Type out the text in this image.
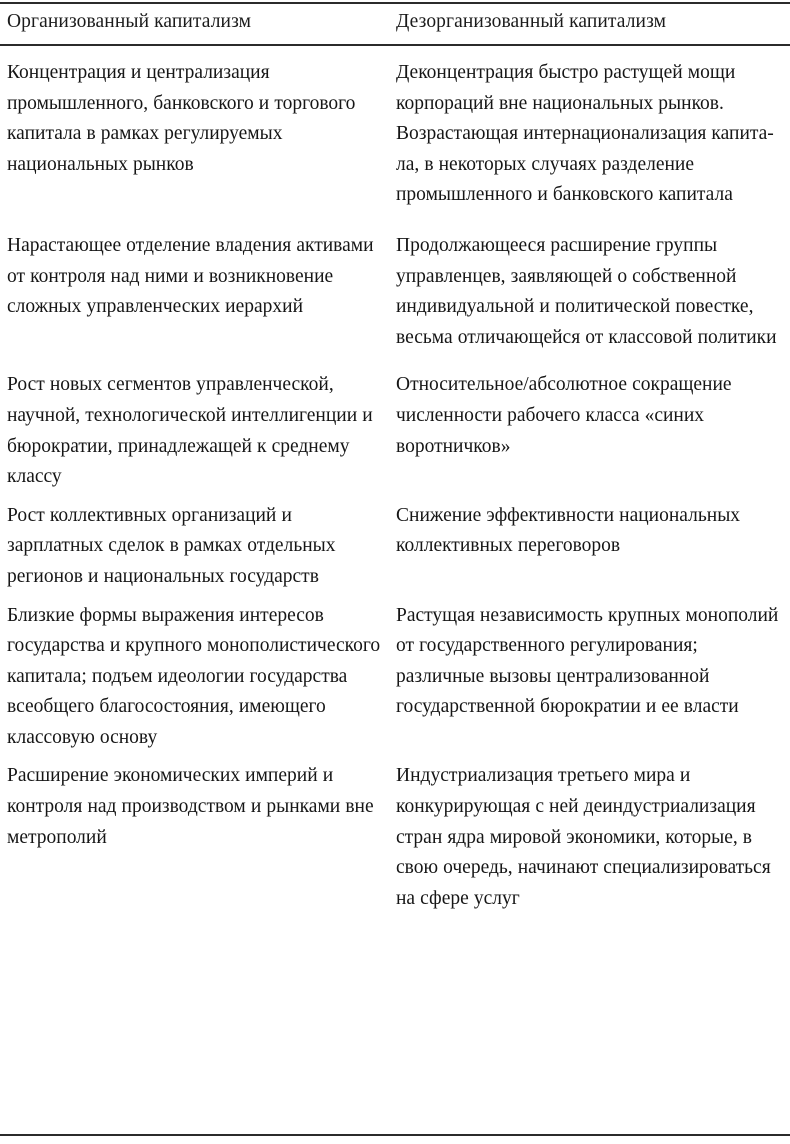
Организованный капитализм	Дезорганизованный капитализм
Концентрация и централизация промышленного, банковского и торгового капитала в рамках регулируемых национальных рынков
Деконцентрация быстро растущей мощи корпораций вне национальных рынков. Возрастающая интернационализация капитала, в некоторых случаях разделение промышленного и банковского капитала
Нарастающее отделение владения активами от контроля над ними и возникновение сложных управленческих иерархий
Продолжающееся расширение группы управленцев, заявляющей о собственной индивидуальной и политической повестке, весьма отличающейся от классовой политики
Рост новых сегментов управленческой, научной, технологической интеллигенции и бюрократии, принадлежащей к среднему классу
Относительное/абсолютное сокращение численности рабочего класса «синих воротничков»
Рост коллективных организаций и зарплатных сделок в рамках отдельных регионов и национальных государств
Снижение эффективности национальных коллективных переговоров
Близкие формы выражения интересов государства и крупного монополистического капитала; подъем идеологии государства всеобщего благосостояния, имеющего классовую основу
Растущая независимость крупных монополий от государственного регулирования; различные вызовы централизованной государственной бюрократии и ее власти
Расширение экономических империй и контроля над производством и рынками вне метрополий
Индустриализация третьего мира и конкурирующая с ней деиндустриализация стран ядра мировой экономики, которые, в свою очередь, начинают специализироваться на сфере услуг
